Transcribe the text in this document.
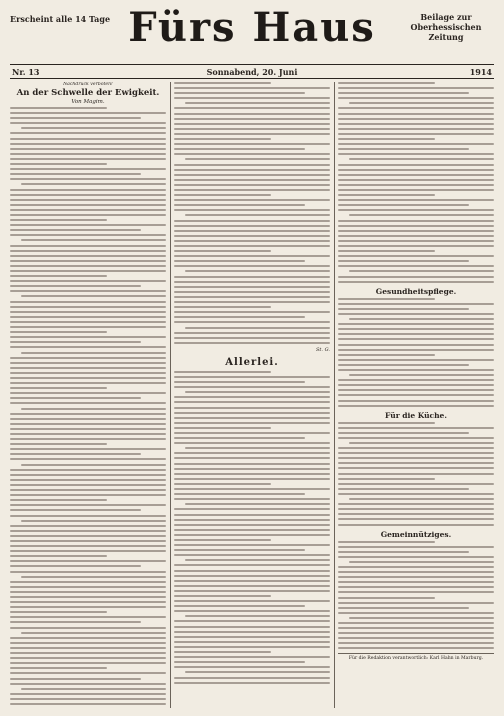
Erscheint alle 14 Tage Fürs Haus	Beilage zur
Oberhessischen Zeitung
Nr. 13	Sonnabend, 20. Juni	1914
Nachdruck verboten!
An der Schwelle der Ewigkeit.
Von Magim.
St. G.
Allerlei.
Gesundheitspflege.
Für die Küche.
Gemeinnütziges.
Für die Redaktion verantwortlich: Karl Hahn in Marburg.
